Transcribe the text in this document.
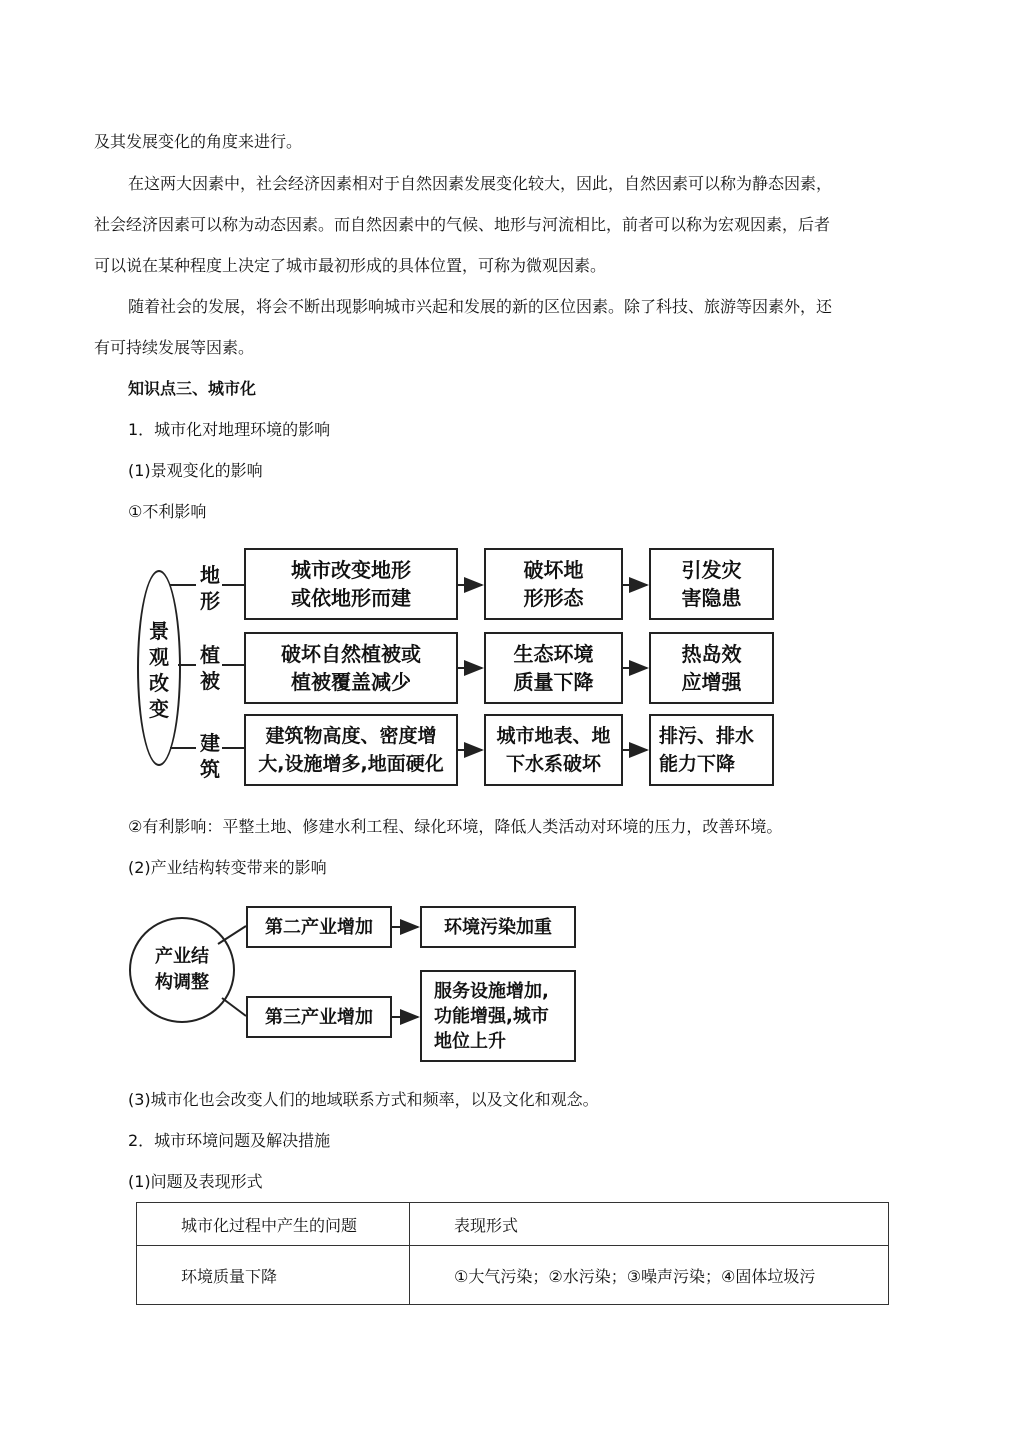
及其发展变化的角度来进行。

在这两大因素中，社会经济因素相对于自然因素发展变化较大，因此，自然因素可以称为静态因素，

社会经济因素可以称为动态因素。而自然因素中的气候、地形与河流相比，前者可以称为宏观因素，后者

可以说在某种程度上决定了城市最初形成的具体位置，可称为微观因素。

随着社会的发展，将会不断出现影响城市兴起和发展的新的区位因素。除了科技、旅游等因素外，还

有可持续发展等因素。

知识点三、城市化

1．城市化对地理环境的影响

(1)景观变化的影响

①不利影响

景
观
改
变
地
形
植
被
建
筑
城市改变地形
或依地形而建
破坏地
形形态
引发灾
害隐患
破坏自然植被或
植被覆盖减少
生态环境
质量下降
热岛效
应增强
建筑物高度、密度增
大,设施增多,地面硬化
城市地表、地
下水系破坏
排污、排水
能力下降

②有利影响：平整土地、修建水利工程、绿化环境，降低人类活动对环境的压力，改善环境。

(2)产业结构转变带来的影响

产业结
构调整
第二产业增加	环境污染加重
第三产业增加
服务设施增加,
功能增强,城市
地位上升

(3)城市化也会改变人们的地域联系方式和频率，以及文化和观念。

2．城市环境问题及解决措施

(1)问题及表现形式

城市化过程中产生的问题	表现形式
环境质量下降	①大气污染；②水污染；③噪声污染；④固体垃圾污
